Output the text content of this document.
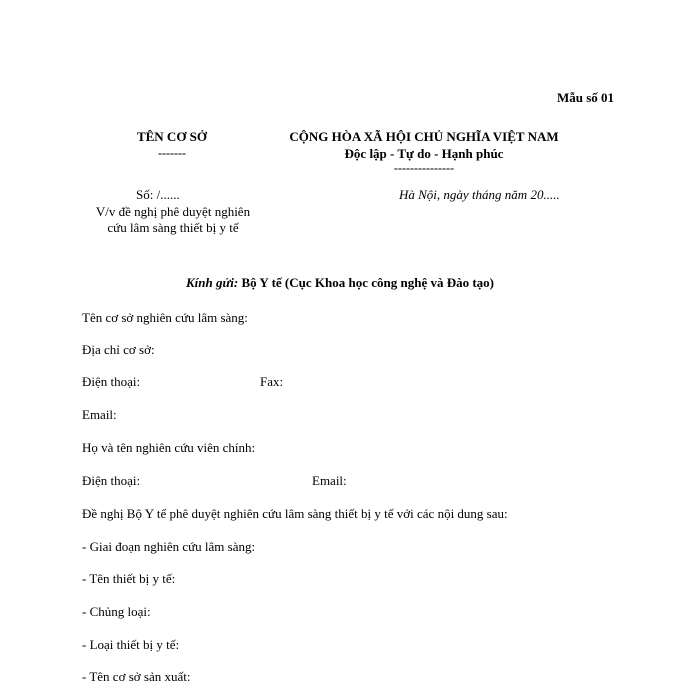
Mẫu số 01
TÊN CƠ SỞ
-------
CỘNG HÒA XÃ HỘI CHỦ NGHĨA VIỆT NAM
Độc lập - Tự do - Hạnh phúc
---------------
Số: /......
V/v đề nghị phê duyệt nghiên
cứu lâm sàng thiết bị y tế
Hà Nội, ngày tháng năm 20.....
Kính gửi: Bộ Y tế (Cục Khoa học công nghệ và Đào tạo)
Tên cơ sở nghiên cứu lâm sàng:
Địa chỉ cơ sở:
Điện thoại:	Fax:
Email:
Họ và tên nghiên cứu viên chính:
Điện thoại:	Email:
Đề nghị Bộ Y tế phê duyệt nghiên cứu lâm sàng thiết bị y tế với các nội dung sau:
- Giai đoạn nghiên cứu lâm sàng:
- Tên thiết bị y tế:
- Chủng loại:
- Loại thiết bị y tế:
- Tên cơ sở sản xuất:
